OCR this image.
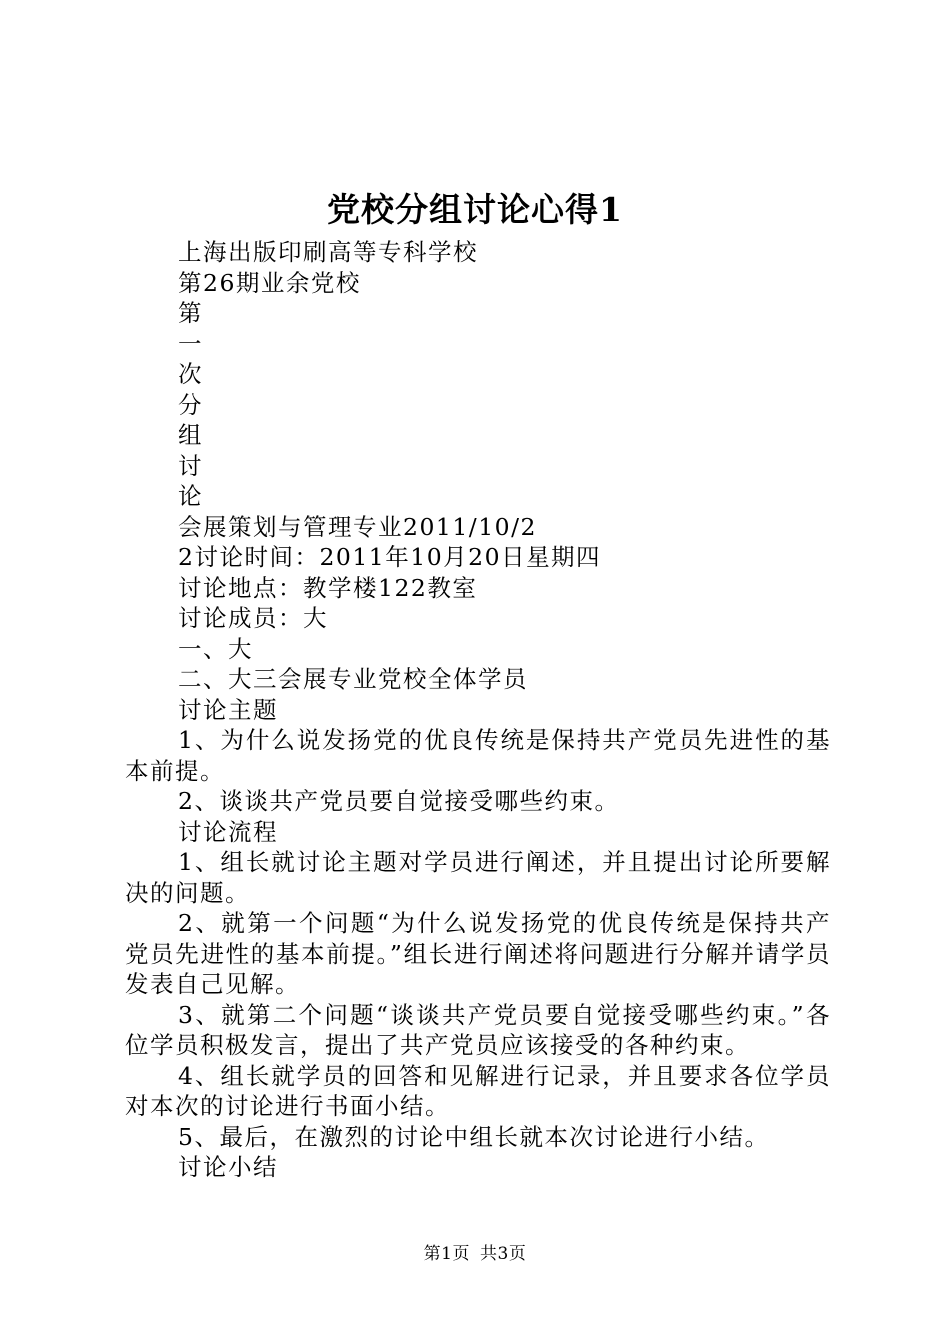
党校分组讨论心得1
上海出版印刷高等专科学校
第26期业余党校
第
一
次
分
组
讨
论
会展策划与管理专业2011/10/2
2讨论时间：2011年10月20日星期四
讨论地点：教学楼122教室
讨论成员：大
一、大
二、大三会展专业党校全体学员
讨论主题

1、为什么说发扬党的优良传统是保持共产党员先进性的基本前提。

2、谈谈共产党员要自觉接受哪些约束。

讨论流程

1、组长就讨论主题对学员进行阐述，并且提出讨论所要解决的问题。

2、就第一个问题“为什么说发扬党的优良传统是保持共产党员先进性的基本前提。”组长进行阐述将问题进行分解并请学员发表自己见解。

3、就第二个问题“谈谈共产党员要自觉接受哪些约束。”各位学员积极发言，提出了共产党员应该接受的各种约束。

4、组长就学员的回答和见解进行记录，并且要求各位学员对本次的讨论进行书面小结。

5、最后，在激烈的讨论中组长就本次讨论进行小结。

讨论小结
第1页 共3页
